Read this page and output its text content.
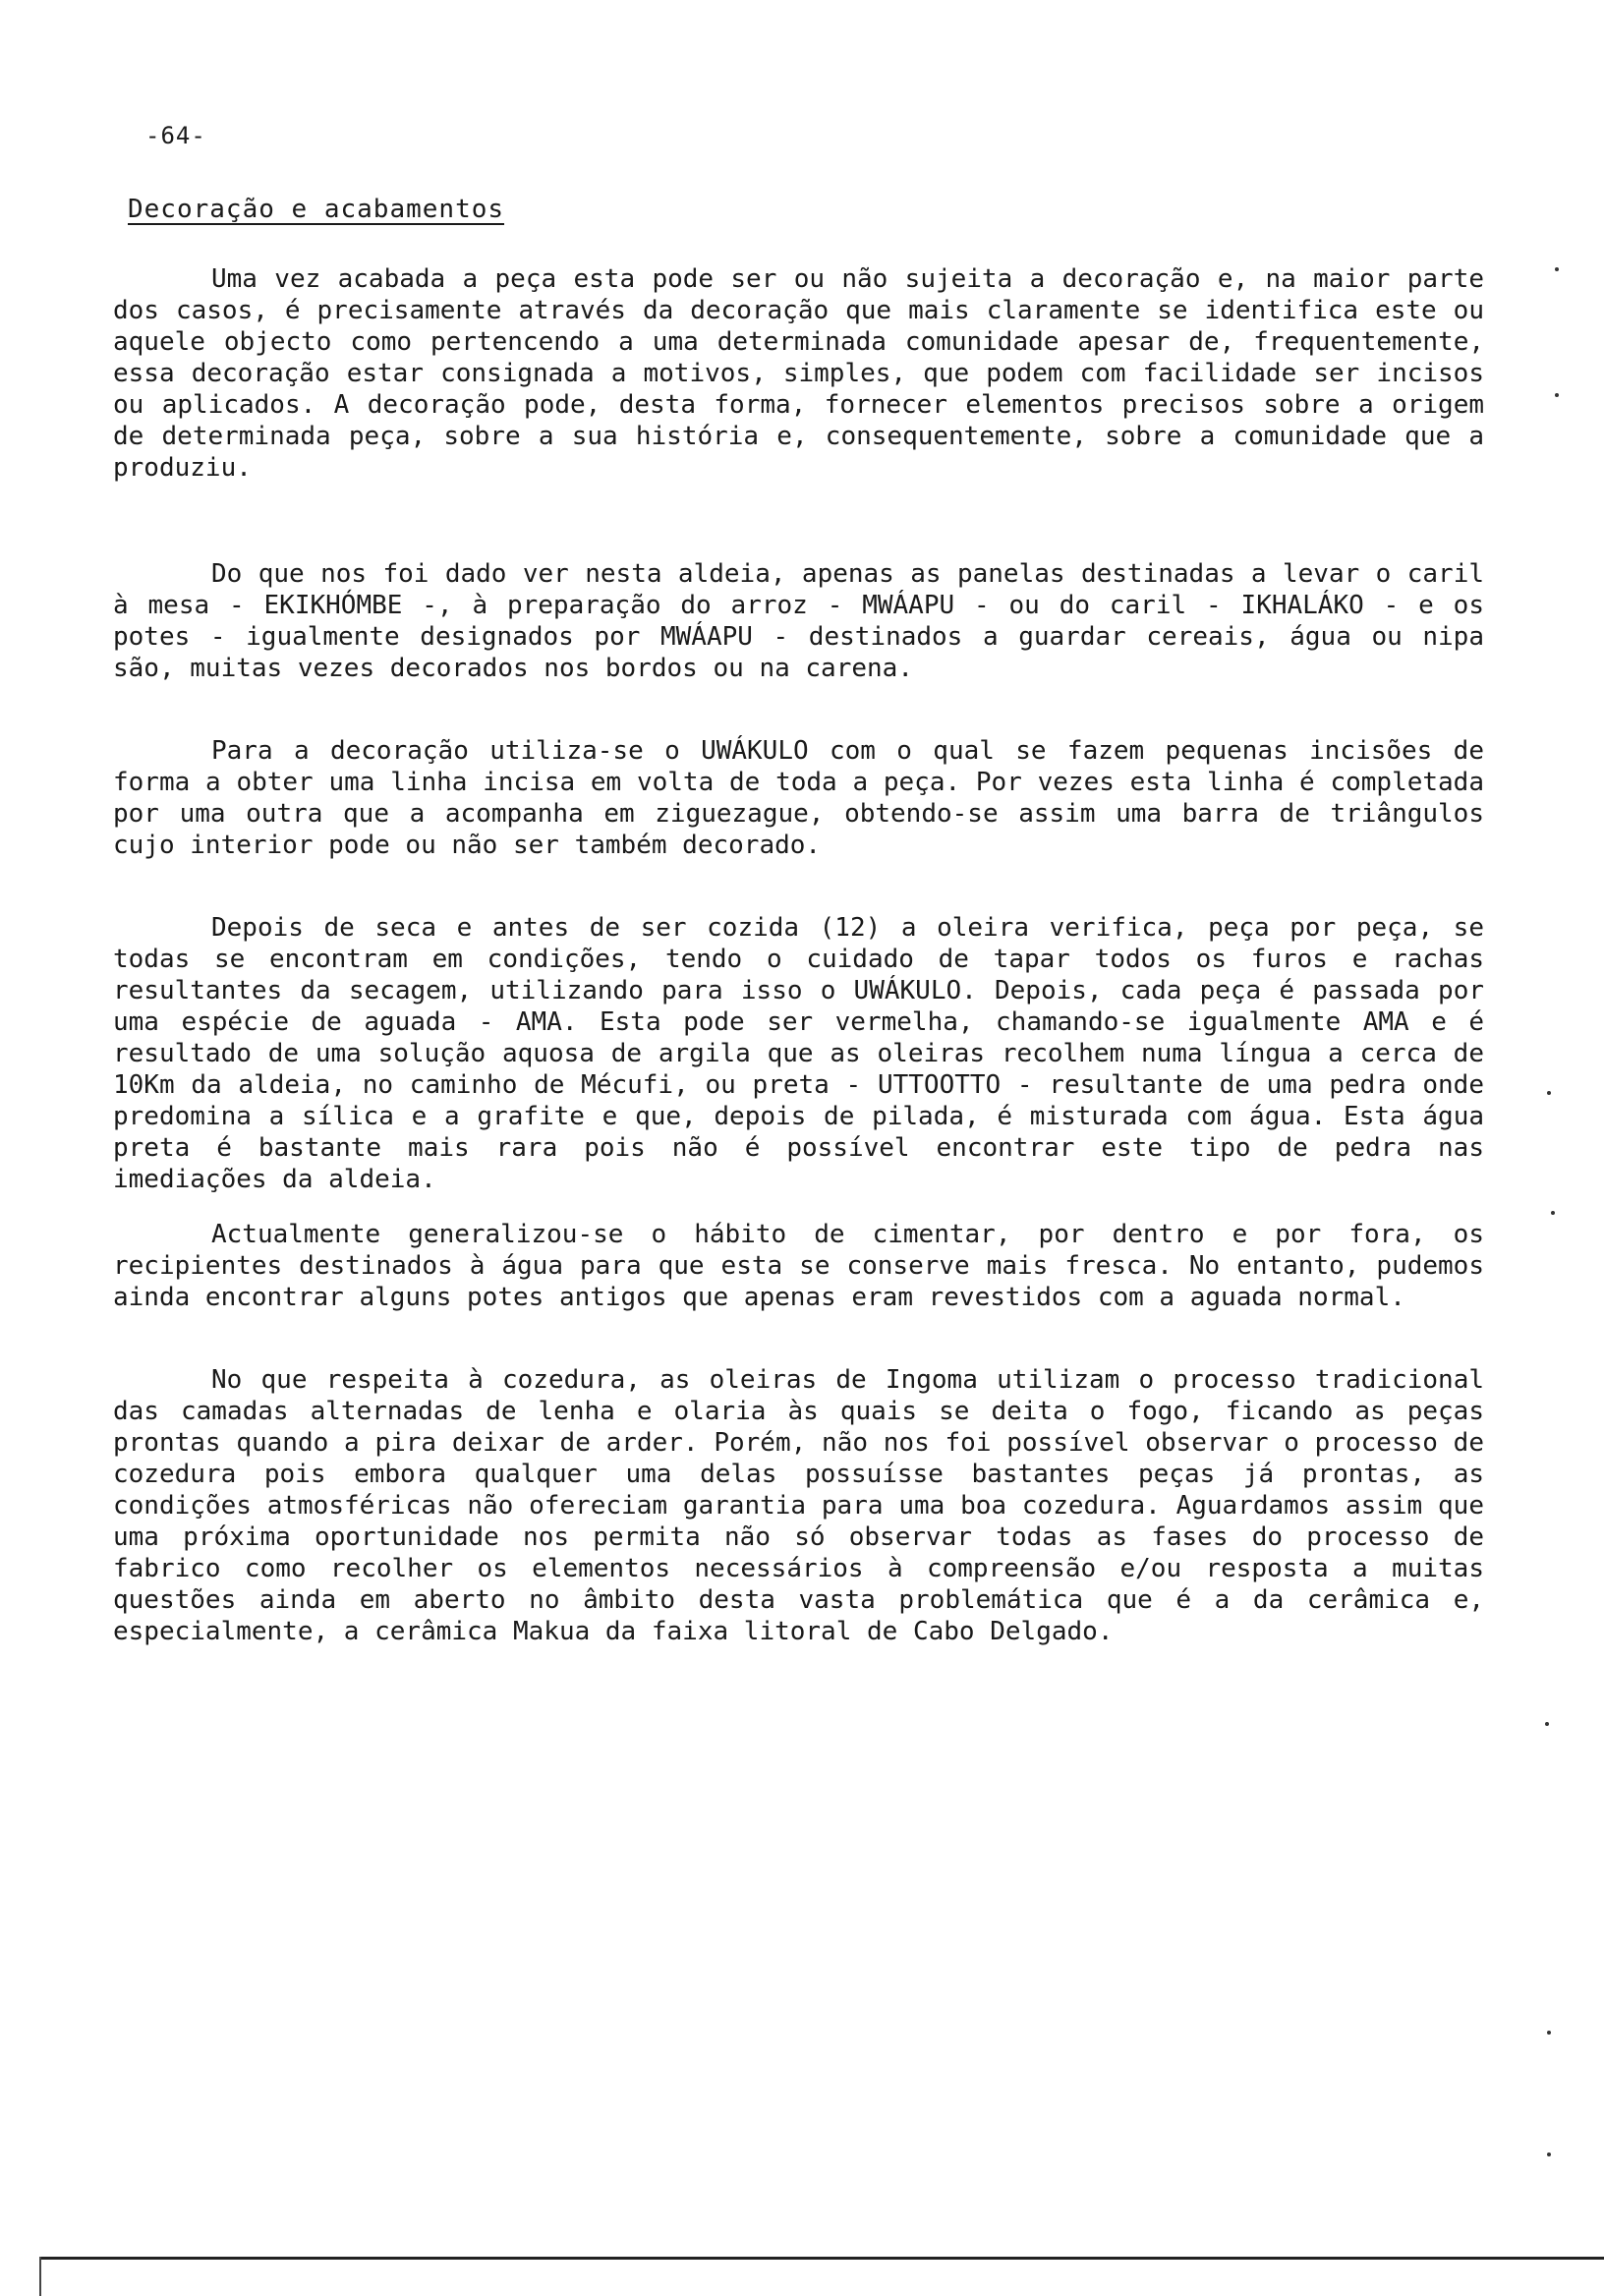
-64-
Decoração e acabamentos

Uma vez acabada a peça esta pode ser ou não sujeita a decoração e, na maior parte dos casos, é precisamente através da decoração que mais claramente se identifica este ou aquele objecto como pertencendo a uma determinada comunidade apesar de, frequentemente, essa decoração estar consignada a motivos, simples, que podem com facilidade ser incisos ou aplicados. A decoração pode, desta forma, fornecer elementos precisos sobre a origem de determinada peça, sobre a sua história e, consequentemente, sobre a comunidade que a produziu.

Do que nos foi dado ver nesta aldeia, apenas as panelas destinadas a levar o caril à mesa - EKIKHÓMBE -, à preparação do arroz - MWÁAPU - ou do caril - IKHALÁKO - e os potes - igualmente designados por MWÁAPU - destinados a guardar cereais, água ou nipa são, muitas vezes decorados nos bordos ou na carena.

Para a decoração utiliza-se o UWÁKULO com o qual se fazem pequenas incisões de forma a obter uma linha incisa em volta de toda a peça. Por vezes esta linha é completada por uma outra que a acompanha em ziguezague, obtendo-se assim uma barra de triângulos cujo interior pode ou não ser também decorado.

Depois de seca e antes de ser cozida (12) a oleira verifica, peça por peça, se todas se encontram em condições, tendo o cuidado de tapar todos os furos e rachas resultantes da secagem, utilizando para isso o UWÁKULO. Depois, cada peça é passada por uma espécie de aguada - AMA. Esta pode ser vermelha, chamando-se igualmente AMA e é resultado de uma solução aquosa de argila que as oleiras recolhem numa língua a cerca de 10Km da aldeia, no caminho de Mécufi, ou preta - UTTOOTTO - resultante de uma pedra onde predomina a sílica e a grafite e que, depois de pilada, é misturada com água. Esta água preta é bastante mais rara pois não é possível encontrar este tipo de pedra nas imediações da aldeia.

Actualmente generalizou-se o hábito de cimentar, por dentro e por fora, os recipientes destinados à água para que esta se conserve mais fresca. No entanto, pudemos ainda encontrar alguns potes antigos que apenas eram revestidos com a aguada normal.

No que respeita à cozedura, as oleiras de Ingoma utilizam o processo tradicional das camadas alternadas de lenha e olaria às quais se deita o fogo, ficando as peças prontas quando a pira deixar de arder. Porém, não nos foi possível observar o processo de cozedura pois embora qualquer uma delas possuísse bastantes peças já prontas, as condições atmosféricas não ofereciam garantia para uma boa cozedura. Aguardamos assim que uma próxima oportunidade nos permita não só observar todas as fases do processo de fabrico como recolher os elementos necessários à compreensão e/ou resposta a muitas questões ainda em aberto no âmbito desta vasta problemática que é a da cerâmica e, especialmente, a cerâmica Makua da faixa litoral de Cabo Delgado.
